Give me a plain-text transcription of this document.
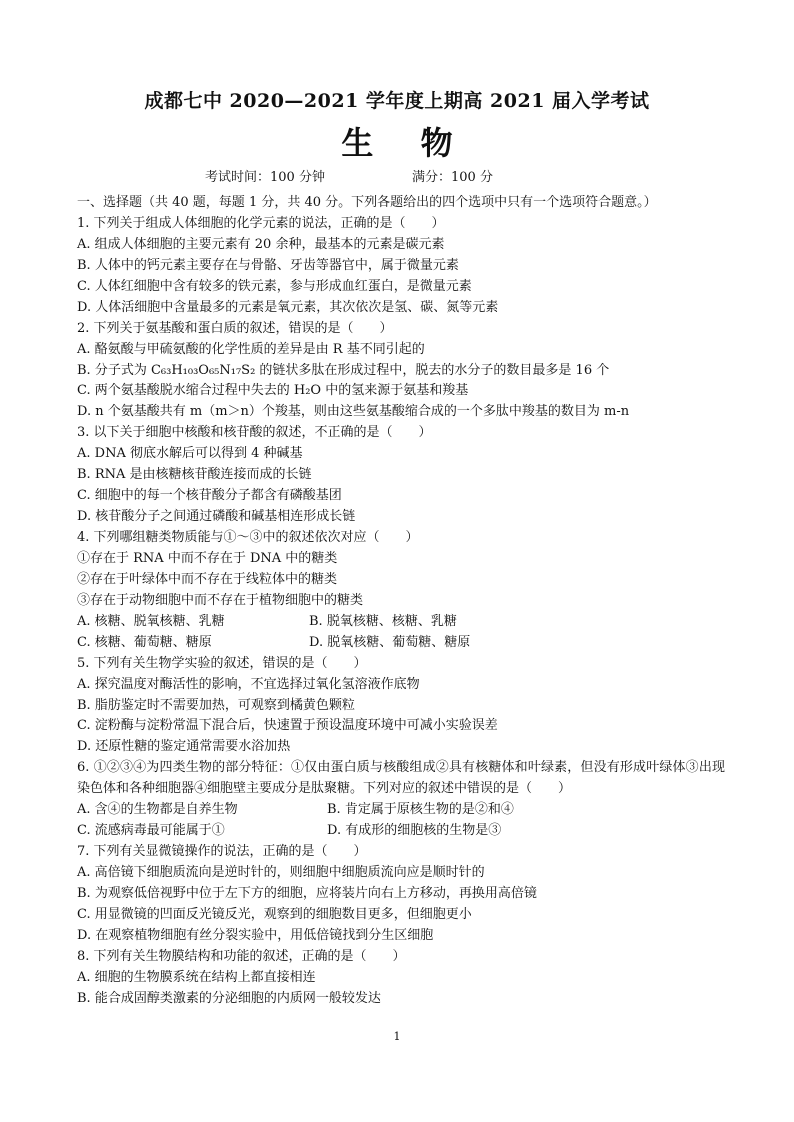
成都七中 2020—2021 学年度上期高 2021 届入学考试
生 物
考试时间：100 分钟	满分：100 分
一、选择题（共 40 题，每题 1 分，共 40 分。下列各题给出的四个选项中只有一个选项符合题意。）
1. 下列关于组成人体细胞的化学元素的说法，正确的是（　　）
A. 组成人体细胞的主要元素有 20 余种，最基本的元素是碳元素
B. 人体中的钙元素主要存在与骨骼、牙齿等器官中，属于微量元素
C. 人体红细胞中含有较多的铁元素，参与形成血红蛋白，是微量元素
D. 人体活细胞中含量最多的元素是氧元素，其次依次是氢、碳、氮等元素
2. 下列关于氨基酸和蛋白质的叙述，错误的是（　　）
A. 酪氨酸与甲硫氨酸的化学性质的差异是由 R 基不同引起的
B. 分子式为 C₆₃H₁₀₃O₆₅N₁₇S₂ 的链状多肽在形成过程中，脱去的水分子的数目最多是 16 个
C. 两个氨基酸脱水缩合过程中失去的 H₂O 中的氢来源于氨基和羧基
D. n 个氨基酸共有 m（m＞n）个羧基，则由这些氨基酸缩合成的一个多肽中羧基的数目为 m-n
3. 以下关于细胞中核酸和核苷酸的叙述，不正确的是（　　）
A. DNA 彻底水解后可以得到 4 种碱基
B. RNA 是由核糖核苷酸连接而成的长链
C. 细胞中的每一个核苷酸分子都含有磷酸基团
D. 核苷酸分子之间通过磷酸和碱基相连形成长链
4. 下列哪组糖类物质能与①～③中的叙述依次对应（　　）
①存在于 RNA 中而不存在于 DNA 中的糖类
②存在于叶绿体中而不存在于线粒体中的糖类
③存在于动物细胞中而不存在于植物细胞中的糖类
A. 核糖、脱氧核糖、乳糖	B. 脱氧核糖、核糖、乳糖
C. 核糖、葡萄糖、糖原	D. 脱氧核糖、葡萄糖、糖原
5. 下列有关生物学实验的叙述，错误的是（　　）
A. 探究温度对酶活性的影响，不宜选择过氧化氢溶液作底物
B. 脂肪鉴定时不需要加热，可观察到橘黄色颗粒
C. 淀粉酶与淀粉常温下混合后，快速置于预设温度环境中可减小实验误差
D. 还原性糖的鉴定通常需要水浴加热
6. ①②③④为四类生物的部分特征：①仅由蛋白质与核酸组成②具有核糖体和叶绿素，但没有形成叶绿体③出现染色体和各种细胞器④细胞壁主要成分是肽聚糖。下列对应的叙述中错误的是（　　）
A. 含④的生物都是自养生物	B. 肯定属于原核生物的是②和④
C. 流感病毒最可能属于①	D. 有成形的细胞核的生物是③
7. 下列有关显微镜操作的说法，正确的是（　　）
A. 高倍镜下细胞质流向是逆时针的，则细胞中细胞质流向应是顺时针的
B. 为观察低倍视野中位于左下方的细胞，应将装片向右上方移动，再换用高倍镜
C. 用显微镜的凹面反光镜反光，观察到的细胞数目更多，但细胞更小
D. 在观察植物细胞有丝分裂实验中，用低倍镜找到分生区细胞
8. 下列有关生物膜结构和功能的叙述，正确的是（　　）
A. 细胞的生物膜系统在结构上都直接相连
B. 能合成固醇类激素的分泌细胞的内质网一般较发达
1
